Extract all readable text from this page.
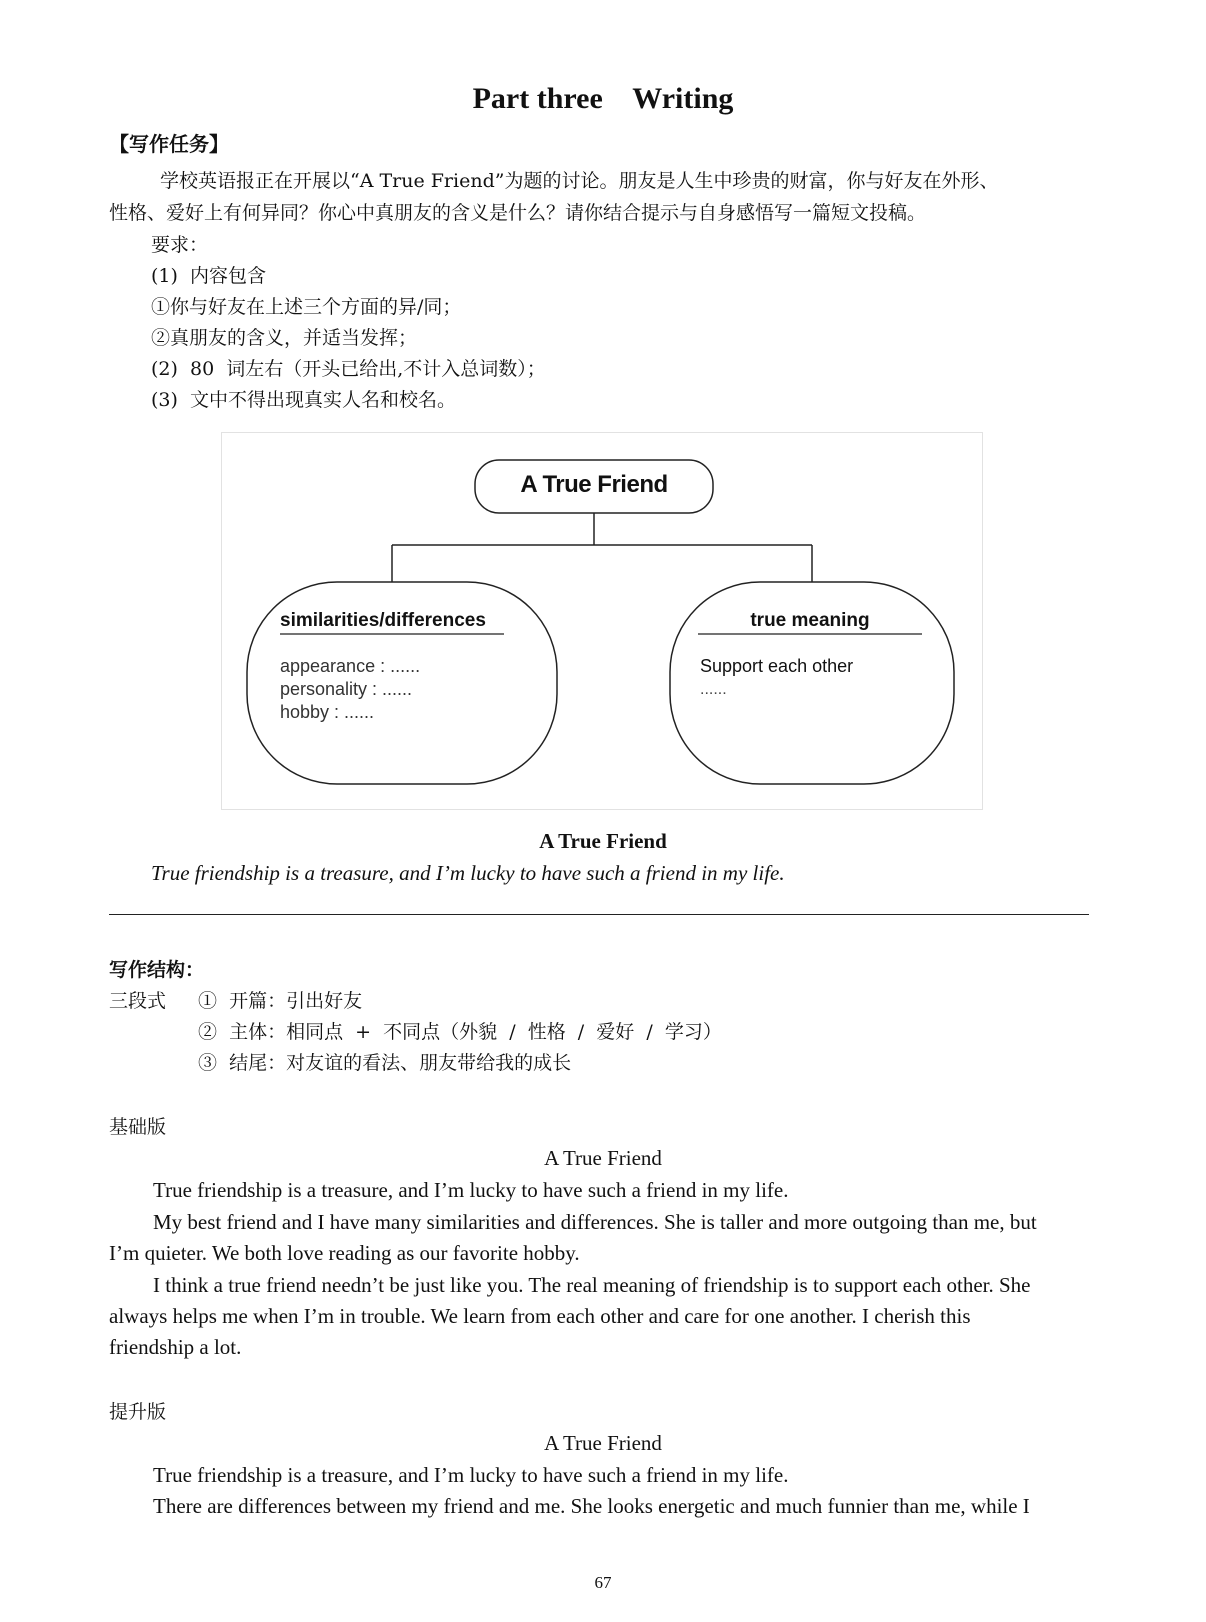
Part three    Writing
【写作任务】
学校英语报正在开展以“A True Friend”为题的讨论。朋友是人生中珍贵的财富，你与好友在外形、
性格、爱好上有何异同？你心中真朋友的含义是什么？请你结合提示与自身感悟写一篇短文投稿。
要求：
(1)  内容包含
①你与好友在上述三个方面的异/同；
②真朋友的含义，并适当发挥；
(2)  80  词左右（开头已给出,不计入总词数）；
(3)  文中不得出现真实人名和校名。
A True Friend
similarities/differences
appearance : ......
personality : ......
hobby : ......
true meaning
Support each other
......
A True Friend
True friendship is a treasure, and I’m lucky to have such a friend in my life.
写作结构：
三段式 ①  开篇：引出好友
②  主体：相同点  +  不同点（外貌  /  性格  /  爱好  /  学习）
③  结尾：对友谊的看法、朋友带给我的成长
基础版
A True Friend
True friendship is a treasure, and I’m lucky to have such a friend in my life.
My best friend and I have many similarities and differences. She is taller and more outgoing than me, but
I’m quieter. We both love reading as our favorite hobby.
I think a true friend needn’t be just like you. The real meaning of friendship is to support each other. She
always helps me when I’m in trouble. We learn from each other and care for one another. I cherish this
friendship a lot.
提升版
A True Friend
True friendship is a treasure, and I’m lucky to have such a friend in my life.
There are differences between my friend and me. She looks energetic and much funnier than me, while I
67
